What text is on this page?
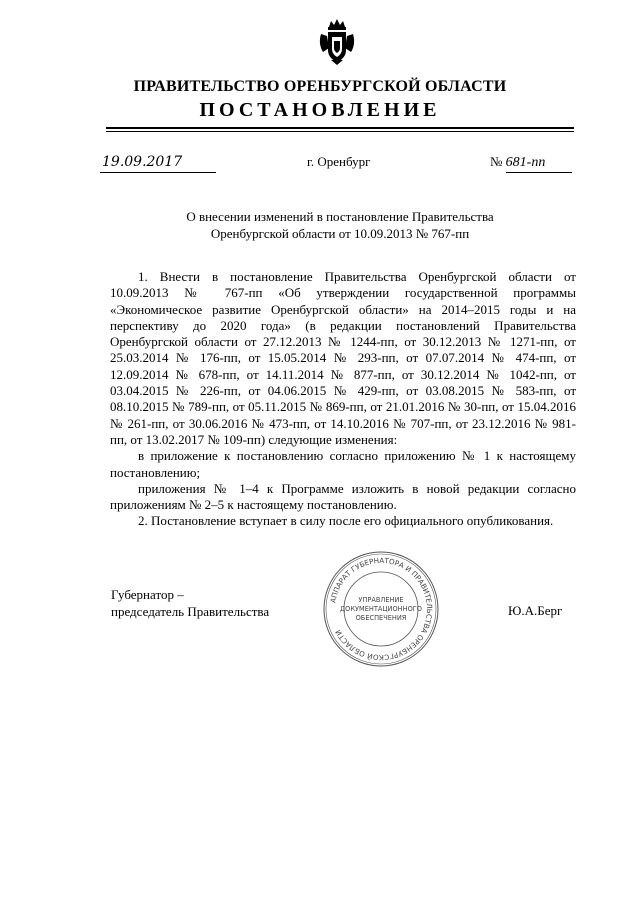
ПРАВИТЕЛЬСТВО ОРЕНБУРГСКОЙ ОБЛАСТИ
ПОСТАНОВЛЕНИЕ
19.09.2017	г. Оренбург	№ 681-пп
О внесении изменений в постановление Правительства
Оренбургской области от 10.09.2013 № 767-пп

1. Внести в постановление Правительства Оренбургской области от 10.09.2013 № 767-пп «Об утверждении государственной программы «Экономическое развитие Оренбургской области» на 2014–2015 годы и на перспективу до 2020 года» (в редакции постановлений Правительства Оренбургской области от 27.12.2013 № 1244-пп, от 30.12.2013 № 1271-пп, от 25.03.2014 № 176-пп, от 15.05.2014 № 293-пп, от 07.07.2014 № 474-пп, от 12.09.2014 № 678-пп, от 14.11.2014 № 877-пп, от 30.12.2014 № 1042-пп, от 03.04.2015 № 226-пп, от 04.06.2015 № 429-пп, от 03.08.2015 № 583-пп, от 08.10.2015 № 789-пп, от 05.11.2015 № 869-пп, от 21.01.2016 № 30-пп, от 15.04.2016 № 261-пп, от 30.06.2016 № 473-пп, от 14.10.2016 № 707-пп, от 23.12.2016 № 981-пп, от 13.02.2017 № 109-пп) следующие изменения:

в приложение к постановлению согласно приложению № 1 к настоящему постановлению;

приложения № 1–4 к Программе изложить в новой редакции согласно приложениям № 2–5 к настоящему постановлению.

2. Постановление вступает в силу после его официального опубликования.

Губернатор –
председатель Правительства
АППАРАТ ГУБЕРНАТОРА И ПРАВИТЕЛЬСТВА ОРЕНБУРГСКОЙ ОБЛАСТИ
УПРАВЛЕНИЕ
ДОКУМЕНТАЦИОННОГО
ОБЕСПЕЧЕНИЯ	Ю.А.Берг
